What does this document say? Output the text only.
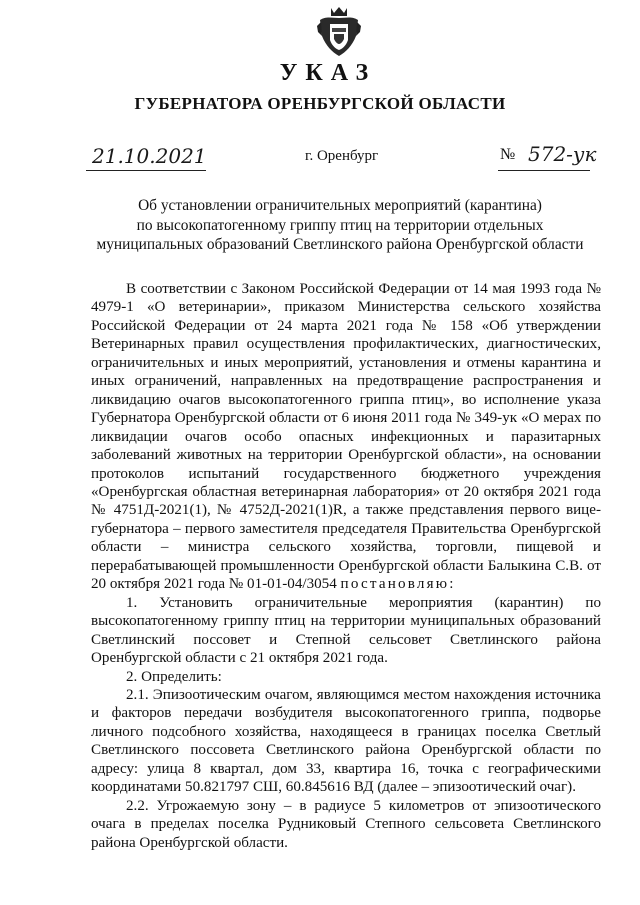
УКАЗ
ГУБЕРНАТОРА ОРЕНБУРГСКОЙ ОБЛАСТИ
21.10.2021	г. Оренбург	№ 572-ук
Об установлении ограничительных мероприятий (карантина)
по высокопатогенному гриппу птиц на территории отдельных
муниципальных образований Светлинского района Оренбургской области

В соответствии с Законом Российской Федерации от 14 мая 1993 года № 4979-1 «О ветеринарии», приказом Министерства сельского хозяйства Российской Федерации от 24 марта 2021 года № 158 «Об утверждении Ветеринарных правил осуществления профилактических, диагностических, ограничительных и иных мероприятий, установления и отмены карантина и иных ограничений, направленных на предотвращение распространения и ликвидацию очагов высокопатогенного гриппа птиц», во исполнение указа Губернатора Оренбургской области от 6 июня 2011 года № 349-ук «О мерах по ликвидации очагов особо опасных инфекционных и паразитарных заболеваний животных на территории Оренбургской области», на основании протоколов испытаний государственного бюджетного учреждения «Оренбургская областная ветеринарная лаборатория» от 20 октября 2021 года № 4751Д-2021(1), № 4752Д-2021(1)R, а также представления первого вице-губернатора – первого заместителя председателя Правительства Оренбургской области – министра сельского хозяйства, торговли, пищевой и перерабатывающей промышленности Оренбургской области Балыкина С.В. от 20 октября 2021 года № 01-01-04/3054 постановляю:

1. Установить ограничительные мероприятия (карантин) по высокопатогенному гриппу птиц на территории муниципальных образований Светлинский поссовет и Степной сельсовет Светлинского района Оренбургской области с 21 октября 2021 года.

2. Определить:

2.1. Эпизоотическим очагом, являющимся местом нахождения источника и факторов передачи возбудителя высокопатогенного гриппа, подворье личного подсобного хозяйства, находящееся в границах поселка Светлый Светлинского поссовета Светлинского района Оренбургской области по адресу: улица 8 квартал, дом 33, квартира 16, точка с географическими координатами 50.821797 СШ, 60.845616 ВД (далее – эпизоотический очаг).

2.2. Угрожаемую зону – в радиусе 5 километров от эпизоотического очага в пределах поселка Рудниковый Степного сельсовета Светлинского района Оренбургской области.
